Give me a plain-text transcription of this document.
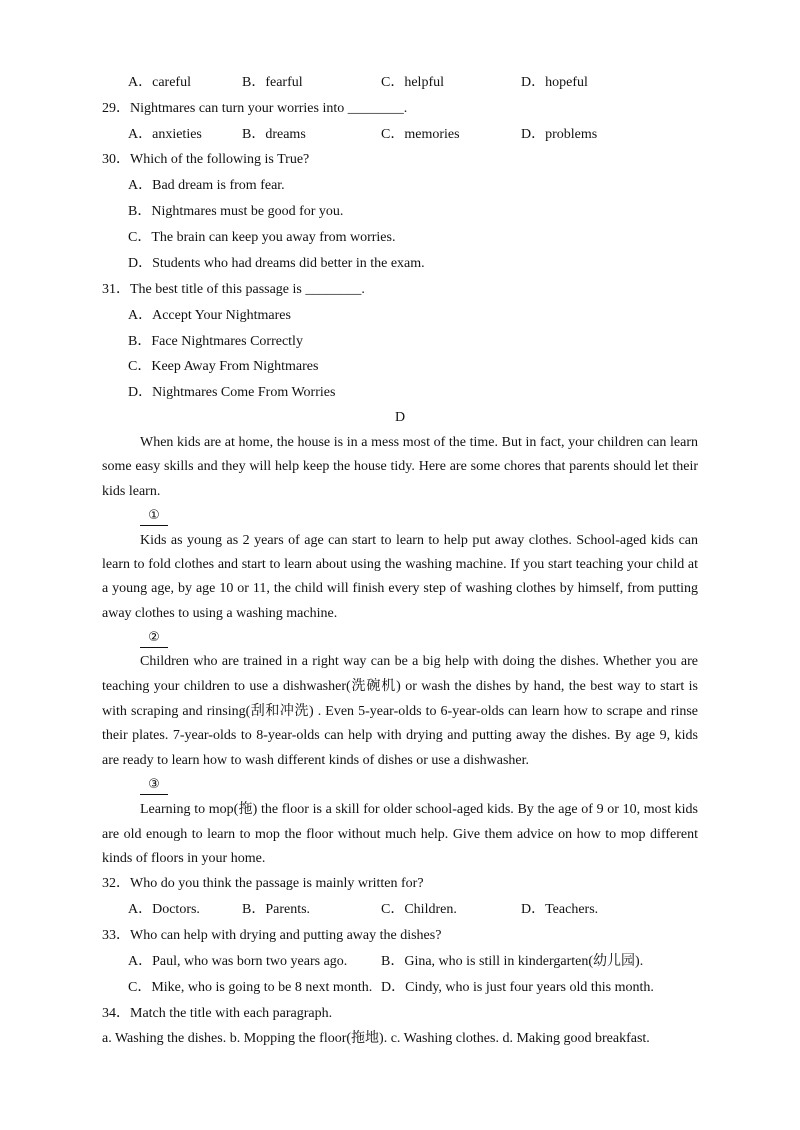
A．careful	B．fearful	C．helpful	D．hopeful
29．Nightmares can turn your worries into ________.
A．anxieties	B．dreams	C．memories	D．problems
30．Which of the following is True?
A．Bad dream is from fear.
B．Nightmares must be good for you.
C．The brain can keep you away from worries.
D．Students who had dreams did better in the exam.
31．The best title of this passage is ________.
A．Accept Your Nightmares
B．Face Nightmares Correctly
C．Keep Away From Nightmares
D．Nightmares Come From Worries
D
When kids are at home, the house is in a mess most of the time. But in fact, your children can learn
some easy skills and they will help keep the house tidy. Here are some chores that parents should let their
kids learn.
①
Kids as young as 2 years of age can start to learn to help put away clothes. School-aged kids can
learn to fold clothes and start to learn about using the washing machine. If you start teaching your child at
a young age, by age 10 or 11, the child will finish every step of washing clothes by himself, from putting
away clothes to using a washing machine.
②
Children who are trained in a right way can be a big help with doing the dishes. Whether you are
teaching your children to use a dishwasher(洗碗机) or wash the dishes by hand, the best way to start is
with scraping and rinsing(刮和冲洗) . Even 5-year-olds to 6-year-olds can learn how to scrape and rinse
their plates. 7-year-olds to 8-year-olds can help with drying and putting away the dishes. By age 9, kids
are ready to learn how to wash different kinds of dishes or use a dishwasher.
③
Learning to mop(拖) the floor is a skill for older school-aged kids. By the age of 9 or 10, most kids
are old enough to learn to mop the floor without much help. Give them advice on how to mop different
kinds of floors in your home.
32．Who do you think the passage is mainly written for?
A．Doctors.	B．Parents.	C．Children.	D．Teachers.
33．Who can help with drying and putting away the dishes?
A．Paul, who was born two years ago. B．Gina, who is still in kindergarten(幼儿园).
C．Mike, who is going to be 8 next month. D．Cindy, who is just four years old this month.
34．Match the title with each paragraph.
a. Washing the dishes. b. Mopping the floor(拖地). c. Washing clothes. d. Making good breakfast.
